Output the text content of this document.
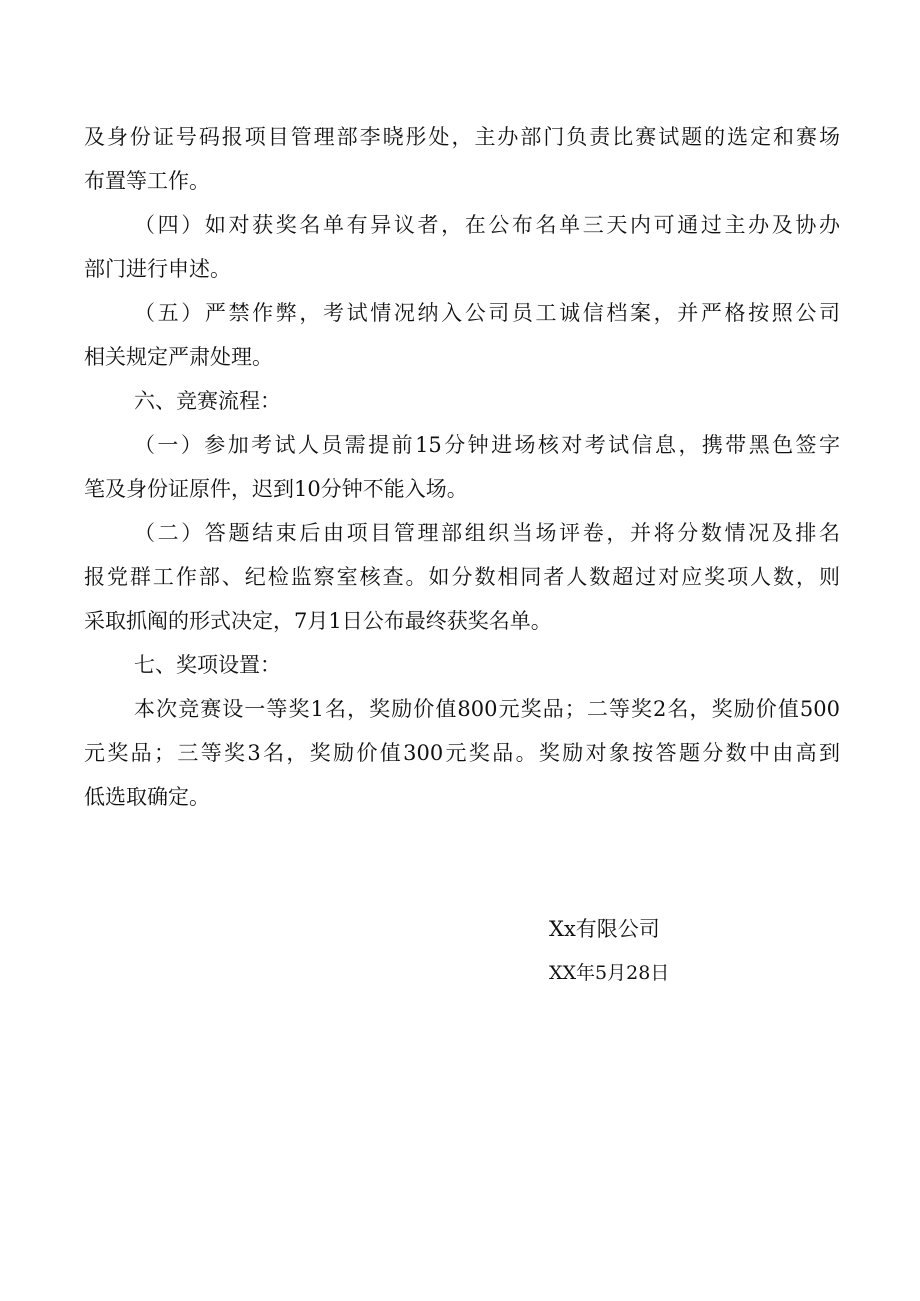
及身份证号码报项目管理部李晓彤处，主办部门负责比赛试题的选定和赛场
布置等工作。
（四）如对获奖名单有异议者，在公布名单三天内可通过主办及协办
部门进行申述。
（五）严禁作弊，考试情况纳入公司员工诚信档案，并严格按照公司
相关规定严肃处理。
六、竞赛流程：
（一）参加考试人员需提前15分钟进场核对考试信息，携带黑色签字
笔及身份证原件，迟到10分钟不能入场。
（二）答题结束后由项目管理部组织当场评卷，并将分数情况及排名
报党群工作部、纪检监察室核查。如分数相同者人数超过对应奖项人数，则
采取抓阄的形式决定，7月1日公布最终获奖名单。
七、奖项设置：
本次竞赛设一等奖1名，奖励价值800元奖品；二等奖2名，奖励价值500
元奖品；三等奖3名，奖励价值300元奖品。奖励对象按答题分数中由高到
低选取确定。
Xx有限公司
XX年5月28日
